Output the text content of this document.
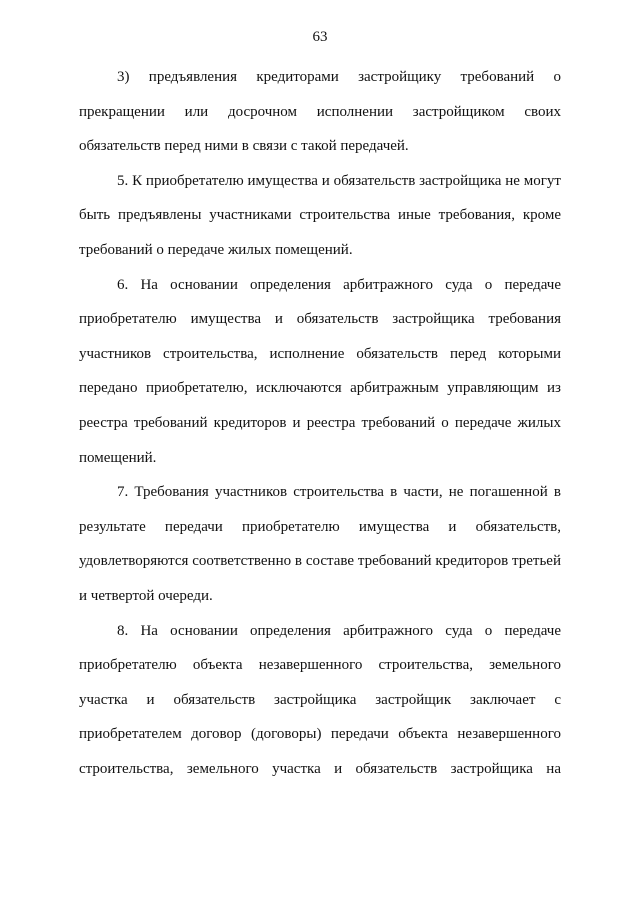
63
3) предъявления кредиторами застройщику требований о
прекращении или досрочном исполнении застройщиком своих
обязательств перед ними в связи с такой передачей.
5. К приобретателю имущества и обязательств застройщика не могут
быть предъявлены участниками строительства иные требования, кроме
требований о передаче жилых помещений.
6. На основании определения арбитражного суда о передаче
приобретателю имущества и обязательств застройщика требования
участников строительства, исполнение обязательств перед которыми
передано приобретателю, исключаются арбитражным управляющим из
реестра требований кредиторов и реестра требований о передаче жилых
помещений.
7. Требования участников строительства в части, не погашенной в
результате передачи приобретателю имущества и обязательств,
удовлетворяются соответственно в составе требований кредиторов третьей
и четвертой очереди.
8. На основании определения арбитражного суда о передаче
приобретателю объекта незавершенного строительства, земельного
участка и обязательств застройщика застройщик заключает с
приобретателем договор (договоры) передачи объекта незавершенного
строительства, земельного участка и обязательств застройщика на
